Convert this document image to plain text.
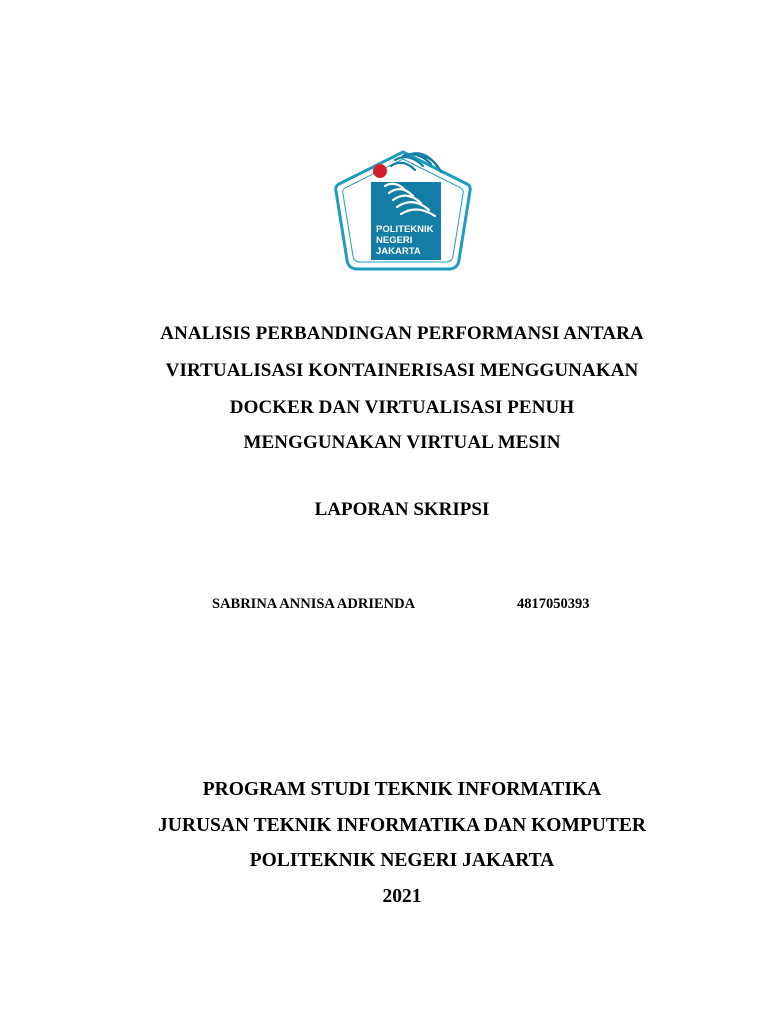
POLITEKNIK
NEGERI
JAKARTA
ANALISIS PERBANDINGAN PERFORMANSI ANTARA
VIRTUALISASI KONTAINERISASI MENGGUNAKAN
DOCKER DAN VIRTUALISASI PENUH
MENGGUNAKAN VIRTUAL MESIN
LAPORAN SKRIPSI
SABRINA ANNISA ADRIENDA	4817050393
PROGRAM STUDI TEKNIK INFORMATIKA
JURUSAN TEKNIK INFORMATIKA DAN KOMPUTER
POLITEKNIK NEGERI JAKARTA
2021
